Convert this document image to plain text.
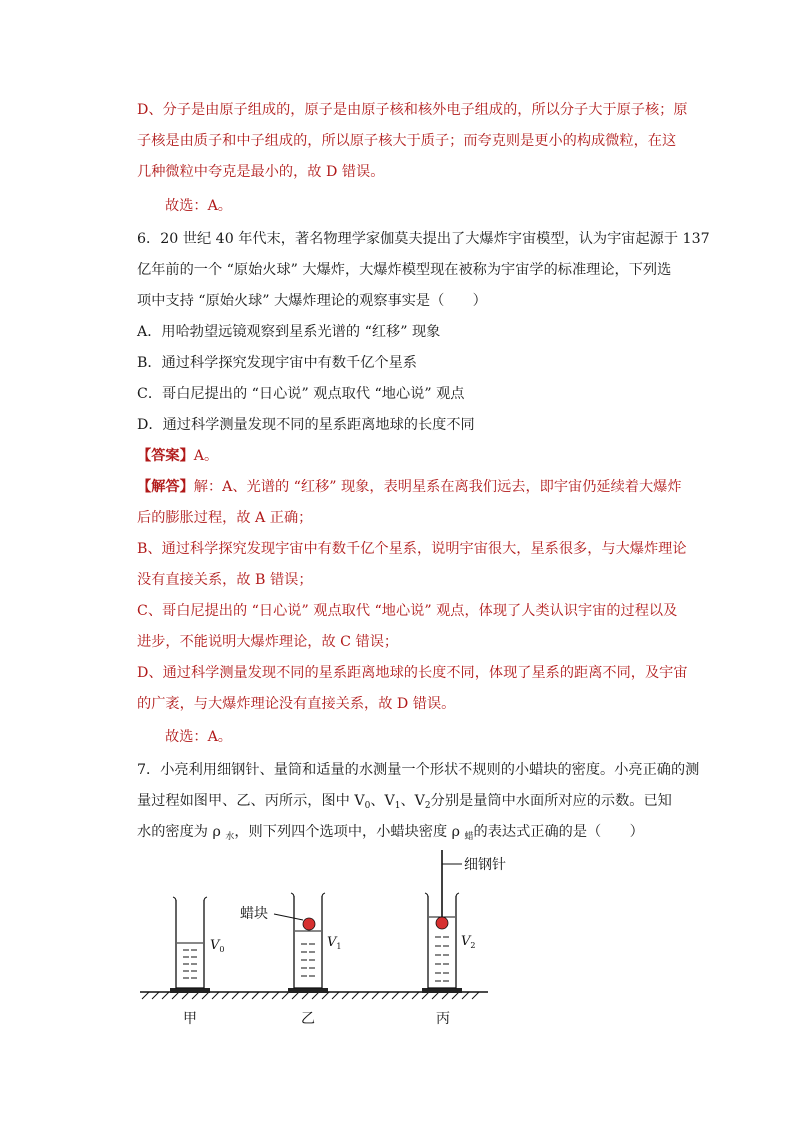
D、分子是由原子组成的，原子是由原子核和核外电子组成的，所以分子大于原子核；原
子核是由质子和中子组成的，所以原子核大于质子；而夸克则是更小的构成微粒，在这
几种微粒中夸克是最小的，故 D 错误。
故选：A。
6．20 世纪 40 年代末，著名物理学家伽莫夫提出了大爆炸宇宙模型，认为宇宙起源于 137
亿年前的一个 “原始火球” 大爆炸，大爆炸模型现在被称为宇宙学的标准理论，下列选
项中支持 “原始火球” 大爆炸理论的观察事实是（　　）
A．用哈勃望远镜观察到星系光谱的 “红移” 现象
B．通过科学探究发现宇宙中有数千亿个星系
C．哥白尼提出的 “日心说” 观点取代 “地心说” 观点
D．通过科学测量发现不同的星系距离地球的长度不同
【答案】A。
【解答】解：A、光谱的 “红移” 现象，表明星系在离我们远去，即宇宙仍延续着大爆炸
后的膨胀过程，故 A 正确；
B、通过科学探究发现宇宙中有数千亿个星系，说明宇宙很大，星系很多，与大爆炸理论
没有直接关系，故 B 错误；
C、哥白尼提出的 “日心说” 观点取代 “地心说” 观点，体现了人类认识宇宙的过程以及
进步，不能说明大爆炸理论，故 C 错误；
D、通过科学测量发现不同的星系距离地球的长度不同，体现了星系的距离不同，及宇宙
的广袤，与大爆炸理论没有直接关系，故 D 错误。
故选：A。
7．小亮利用细钢针、量筒和适量的水测量一个形状不规则的小蜡块的密度。小亮正确的测
量过程如图甲、乙、丙所示，图中 $V_0$、$V_1$、$V_2$分别是量筒中水面所对应的示数。已知
水的密度为 ρ $_水$，则下列四个选项中，小蜡块密度 ρ $_蜡$的表达式正确的是（　　）
$V_0$
甲
蜡块
$V_1$
乙
细钢针
$V_2$
丙
